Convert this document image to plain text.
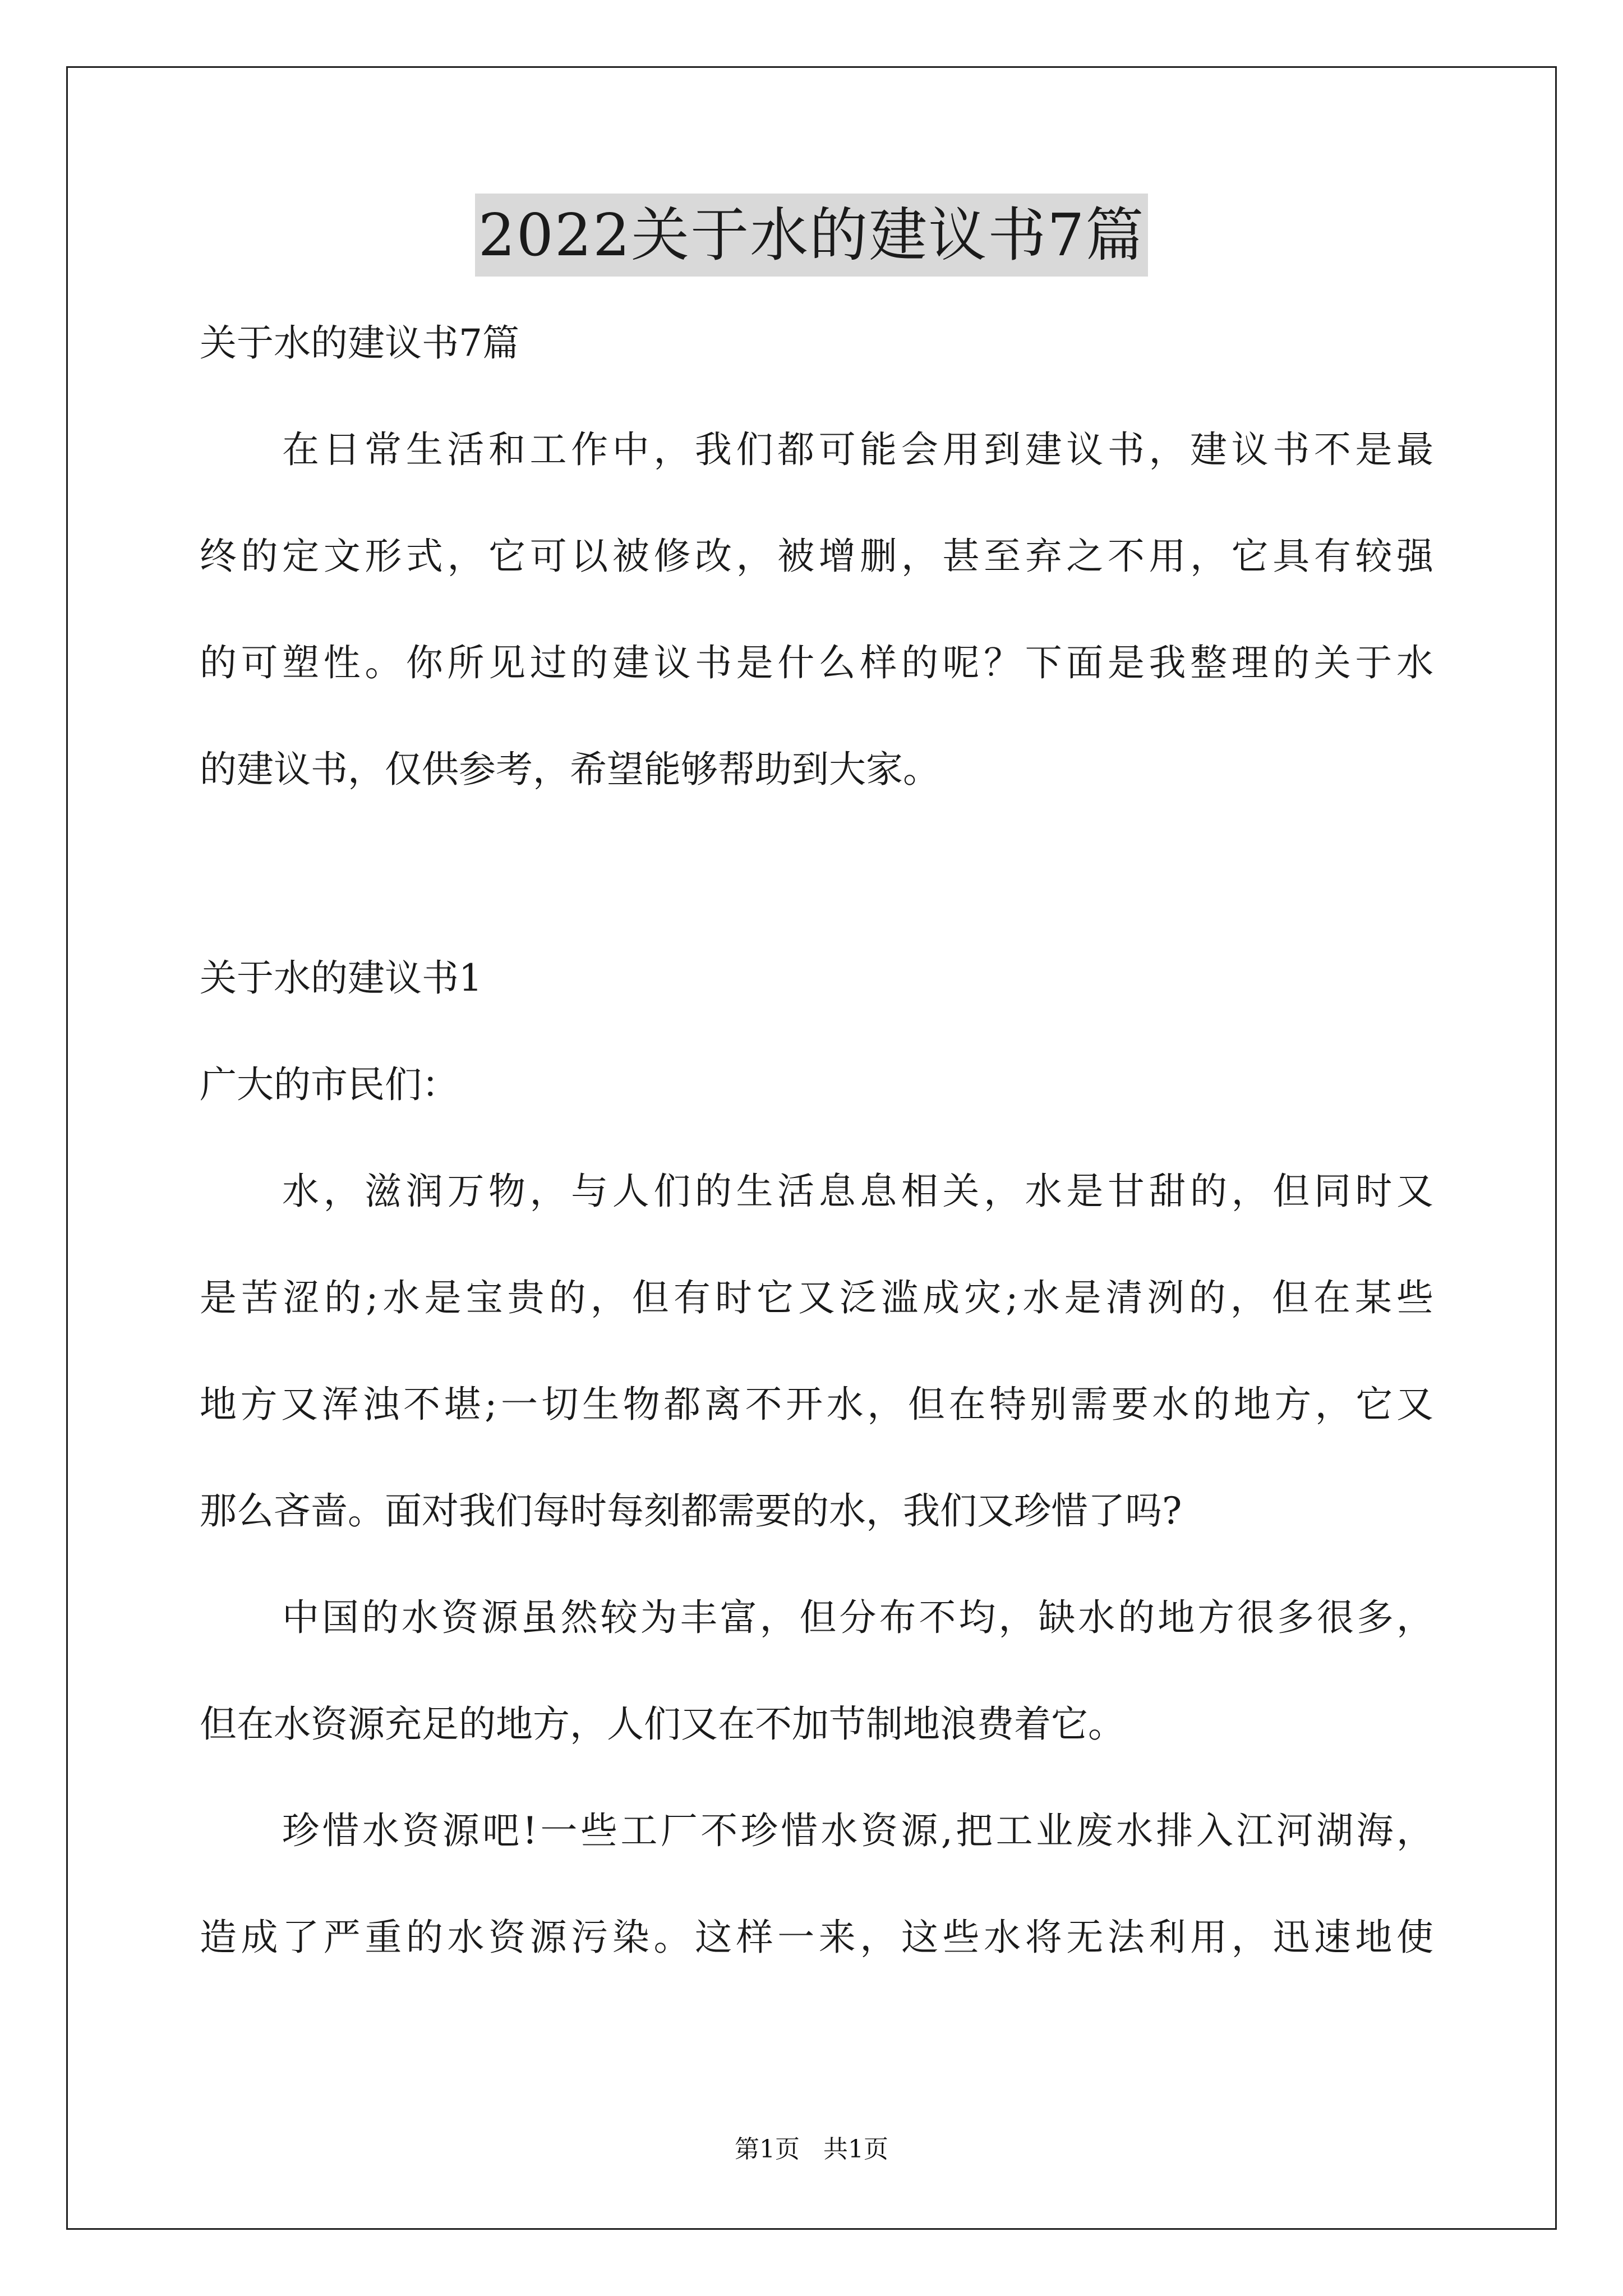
2022关于水的建议书7篇
关于水的建议书7篇
在日常生活和工作中，我们都可能会用到建议书，建议书不是最
终的定文形式，它可以被修改，被增删，甚至弃之不用，它具有较强
的可塑性。你所见过的建议书是什么样的呢？下面是我整理的关于水
的建议书，仅供参考，希望能够帮助到大家。
关于水的建议书1
广大的市民们：
水，滋润万物，与人们的生活息息相关，水是甘甜的，但同时又
是苦涩的;水是宝贵的，但有时它又泛滥成灾;水是清洌的，但在某些
地方又浑浊不堪;一切生物都离不开水，但在特别需要水的地方，它又
那么吝啬。面对我们每时每刻都需要的水，我们又珍惜了吗?
中国的水资源虽然较为丰富，但分布不均，缺水的地方很多很多，
但在水资源充足的地方，人们又在不加节制地浪费着它。
珍惜水资源吧!一些工厂不珍惜水资源,把工业废水排入江河湖海，
造成了严重的水资源污染。这样一来，这些水将无法利用，迅速地使
第1页 共1页
